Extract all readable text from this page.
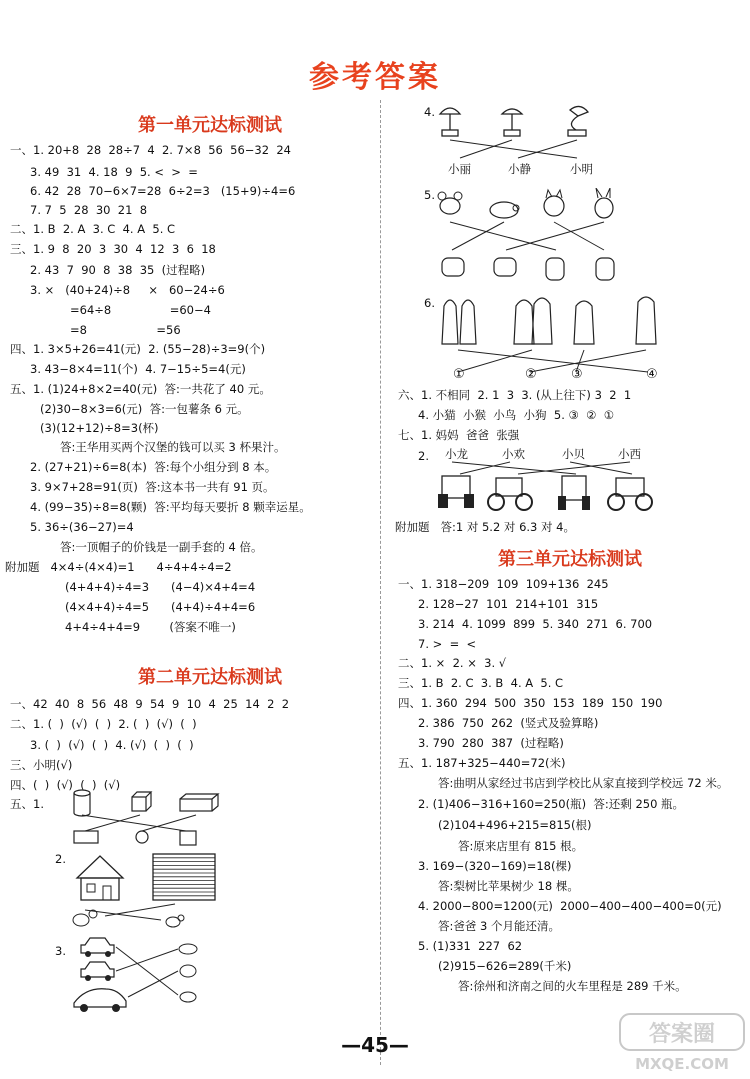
参考答案
第一单元达标测试
一、1. 20+8  28  28÷7  4  2. 7×8  56  56−32  24
3. 49  31  4. 18  9  5. <  >  =
6. 42  28  70−6×7=28  6÷2=3   (15+9)÷4=6
7. 7  5  28  30  21  8
二、1. B  2. A  3. C  4. A  5. C
三、1. 9  8  20  3  30  4  12  3  6  18
2. 43  7  90  8  38  35  (过程略)
3. ×   (40+24)÷8     ×   60−24÷6
=64÷8                =60−4
=8                   =56
四、1. 3×5+26=41(元)  2. (55−28)÷3=9(个)
3. 43−8×4=11(个)  4. 7−15÷5=4(元)
五、1. (1)24+8×2=40(元)  答:一共花了 40 元。
(2)30−8×3=6(元)  答:一包薯条 6 元。
(3)(12+12)÷8=3(杯)
答:王华用买两个汉堡的钱可以买 3 杯果汁。
2. (27+21)÷6=8(本)  答:每个小组分到 8 本。
3. 9×7+28=91(页)  答:这本书一共有 91 页。
4. (99−35)÷8=8(颗)  答:平均每天要折 8 颗幸运星。
5. 36÷(36−27)=4
答:一顶帽子的价钱是一副手套的 4 倍。
附加题   4×4÷(4×4)=1      4÷4+4÷4=2
(4+4+4)÷4=3      (4−4)×4+4=4
(4×4+4)÷4=5      (4+4)÷4+4=6
4+4÷4+4=9        (答案不唯一)
第二单元达标测试
一、42  40  8  56  48  9  54  9  10  4  25  14  2  2
二、1. (  )  (√)  (  )  2. (  )  (√)  (  )
3. (  )  (√)  (  )  4. (√)  (  )  (  )
三、小明(√)
四、(  )  (√)  (  )  (√)
五、1.
2.
3.
4.
小丽	小静	小明
5.
6.
①	②	③	④
六、1. 不相同  2. 1  3  3. (从上往下) 3  2  1
4. 小猫  小猴  小鸟  小狗  5. ③  ②  ①
七、1. 妈妈  爸爸  张强
2. 小龙	小欢	小贝	小西
附加题   答:1 对 5.2 对 6.3 对 4。
第三单元达标测试
一、1. 318−209  109  109+136  245
2. 128−27  101  214+101  315
3. 214  4. 1099  899  5. 340  271  6. 700
7. >  =  <
二、1. ×  2. ×  3. √
三、1. B  2. C  3. B  4. A  5. C
四、1. 360  294  500  350  153  189  150  190
2. 386  750  262  (竖式及验算略)
3. 790  280  387  (过程略)
五、1. 187+325−440=72(米)
答:曲明从家经过书店到学校比从家直接到学校远 72 米。
2. (1)406−316+160=250(瓶)  答:还剩 250 瓶。
(2)104+496+215=815(根)
答:原来店里有 815 根。
3. 169−(320−169)=18(棵)
答:梨树比苹果树少 18 棵。
4. 2000−800=1200(元)  2000−400−400−400=0(元)
答:爸爸 3 个月能还清。
5. (1)331  227  62
(2)915−626=289(千米)
答:徐州和济南之间的火车里程是 289 千米。
—45—	答案圈
MXQE.COM
